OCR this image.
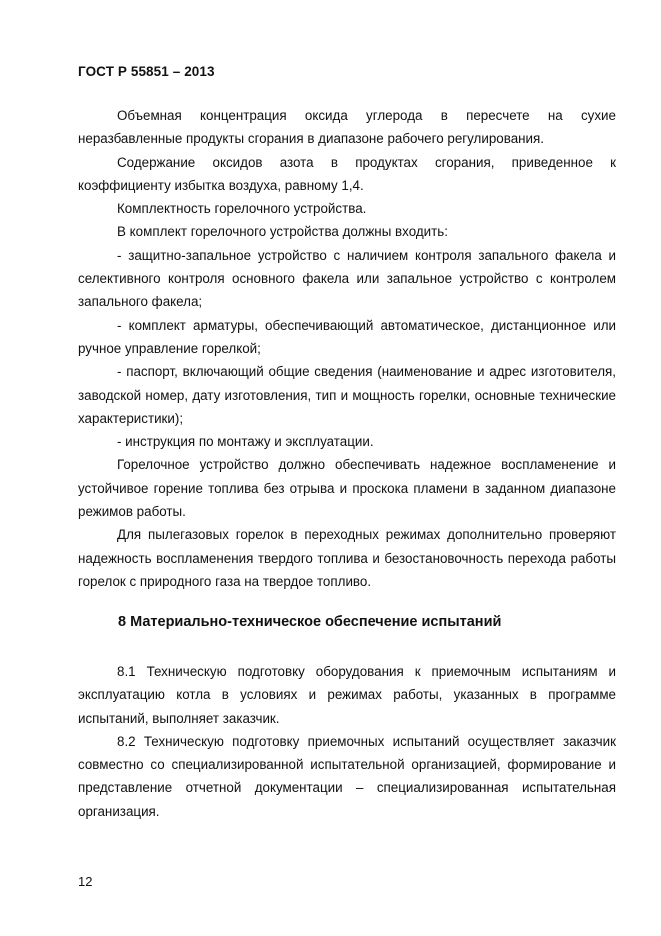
ГОСТ Р 55851 – 2013

Объемная концентрация оксида углерода в пересчете на сухие неразбавленные продукты сгорания в диапазоне рабочего регулирования.

Содержание оксидов азота в продуктах сгорания, приведенное к коэффициенту избытка воздуха, равному 1,4.

Комплектность горелочного устройства.

В комплект горелочного устройства должны входить:

- защитно-запальное устройство с наличием контроля запального факела и селективного контроля основного факела или запальное устройство с контролем запального факела;

- комплект арматуры, обеспечивающий автоматическое, дистанционное или ручное управление горелкой;

- паспорт, включающий общие сведения (наименование и адрес изготовителя, заводской номер, дату изготовления, тип и мощность горелки, основные технические характеристики);

- инструкция по монтажу и эксплуатации.

Горелочное устройство должно обеспечивать надежное воспламенение и устойчивое горение топлива без отрыва и проскока пламени в заданном диапазоне режимов работы.

Для пылегазовых горелок в переходных режимах дополнительно проверяют надежность воспламенения твердого топлива и безостановочность перехода работы горелок с природного газа на твердое топливо.

8 Материально-техническое обеспечение испытаний

8.1 Техническую подготовку оборудования к приемочным испытаниям и эксплуатацию котла в условиях и режимах работы, указанных в программе испытаний, выполняет заказчик.

8.2 Техническую подготовку приемочных испытаний осуществляет заказчик совместно со специализированной испытательной организацией, формирование и представление отчетной документации – специализированная испытательная организация.

12
